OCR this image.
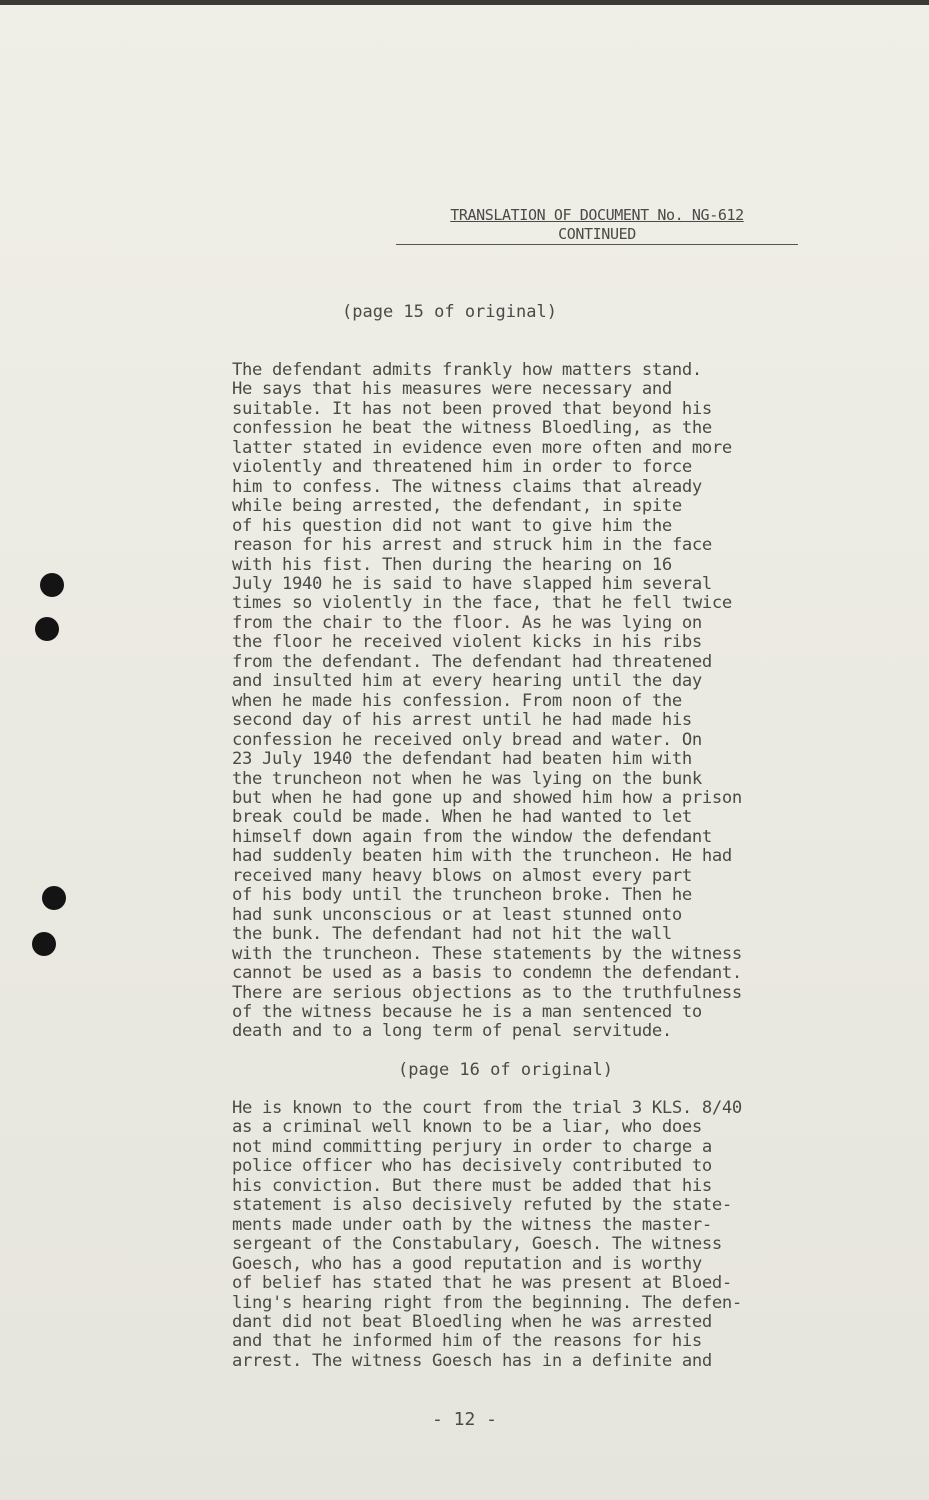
TRANSLATION OF DOCUMENT No. NG-612
CONTINUED
(page 15 of original)
The defendant admits frankly how matters stand.
He says that his measures were necessary and
suitable. It has not been proved that beyond his
confession he beat the witness Bloedling, as the
latter stated in evidence even more often and more
violently and threatened him in order to force
him to confess. The witness claims that already
while being arrested, the defendant, in spite
of his question did not want to give him the
reason for his arrest and struck him in the face
with his fist. Then during the hearing on 16
July 1940 he is said to have slapped him several
times so violently in the face, that he fell twice
from the chair to the floor. As he was lying on
the floor he received violent kicks in his ribs
from the defendant. The defendant had threatened
and insulted him at every hearing until the day
when he made his confession. From noon of the
second day of his arrest until he had made his
confession he received only bread and water. On
23 July 1940 the defendant had beaten him with
the truncheon not when he was lying on the bunk
but when he had gone up and showed him how a prison
break could be made. When he had wanted to let
himself down again from the window the defendant
had suddenly beaten him with the truncheon. He had
received many heavy blows on almost every part
of his body until the truncheon broke. Then he
had sunk unconscious or at least stunned onto
the bunk. The defendant had not hit the wall
with the truncheon. These statements by the witness
cannot be used as a basis to condemn the defendant.
There are serious objections as to the truthfulness
of the witness because he is a man sentenced to
death and to a long term of penal servitude.
(page 16 of original)
He is known to the court from the trial 3 KLS. 8/40
as a criminal well known to be a liar, who does
not mind committing perjury in order to charge a
police officer who has decisively contributed to
his conviction. But there must be added that his
statement is also decisively refuted by the state-
ments made under oath by the witness the master-
sergeant of the Constabulary, Goesch. The witness
Goesch, who has a good reputation and is worthy
of belief has stated that he was present at Bloed-
ling's hearing right from the beginning. The defen-
dant did not beat Bloedling when he was arrested
and that he informed him of the reasons for his
arrest. The witness Goesch has in a definite and
- 12 -
